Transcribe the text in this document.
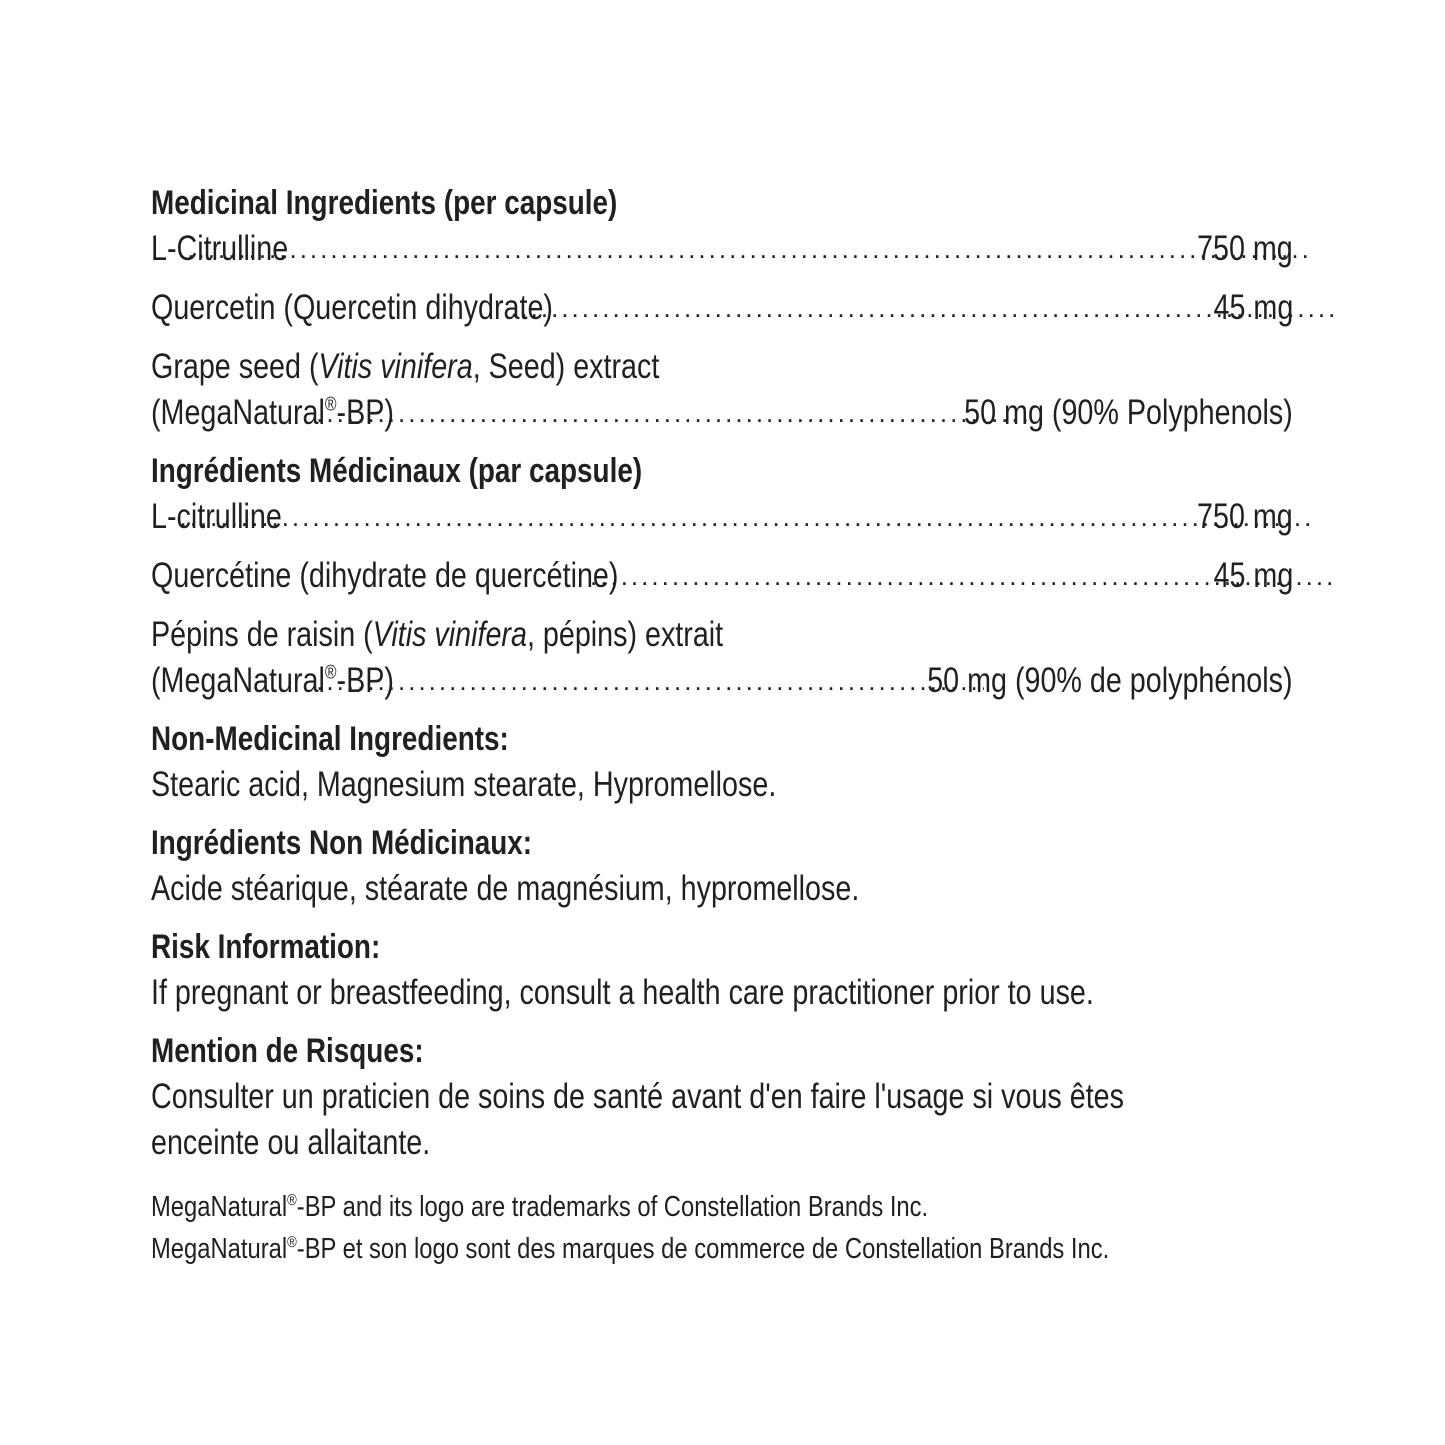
Medicinal Ingredients (per capsule)
L-Citrulline .....	750 mg
Quercetin (Quercetin dihydrate) .....	45 mg
Grape seed (Vitis vinifera, Seed) extract
(MegaNatural®-BP) .....	50 mg (90% Polyphenols)
Ingrédients Médicinaux (par capsule)
L-citrulline .....	750 mg
Quercétine (dihydrate de quercétine) .....	45 mg
Pépins de raisin (Vitis vinifera, pépins) extrait
(MegaNatural®-BP) .....	50 mg (90% de polyphénols)
Non-Medicinal Ingredients:
Stearic acid, Magnesium stearate, Hypromellose.
Ingrédients Non Médicinaux:
Acide stéarique, stéarate de magnésium, hypromellose.
Risk Information:
If pregnant or breastfeeding, consult a health care practitioner prior to use.
Mention de Risques:
Consulter un praticien de soins de santé avant d'en faire l'usage si vous êtes enceinte ou allaitante.
MegaNatural®-BP and its logo are trademarks of Constellation Brands Inc.
MegaNatural®-BP et son logo sont des marques de commerce de Constellation Brands Inc.
